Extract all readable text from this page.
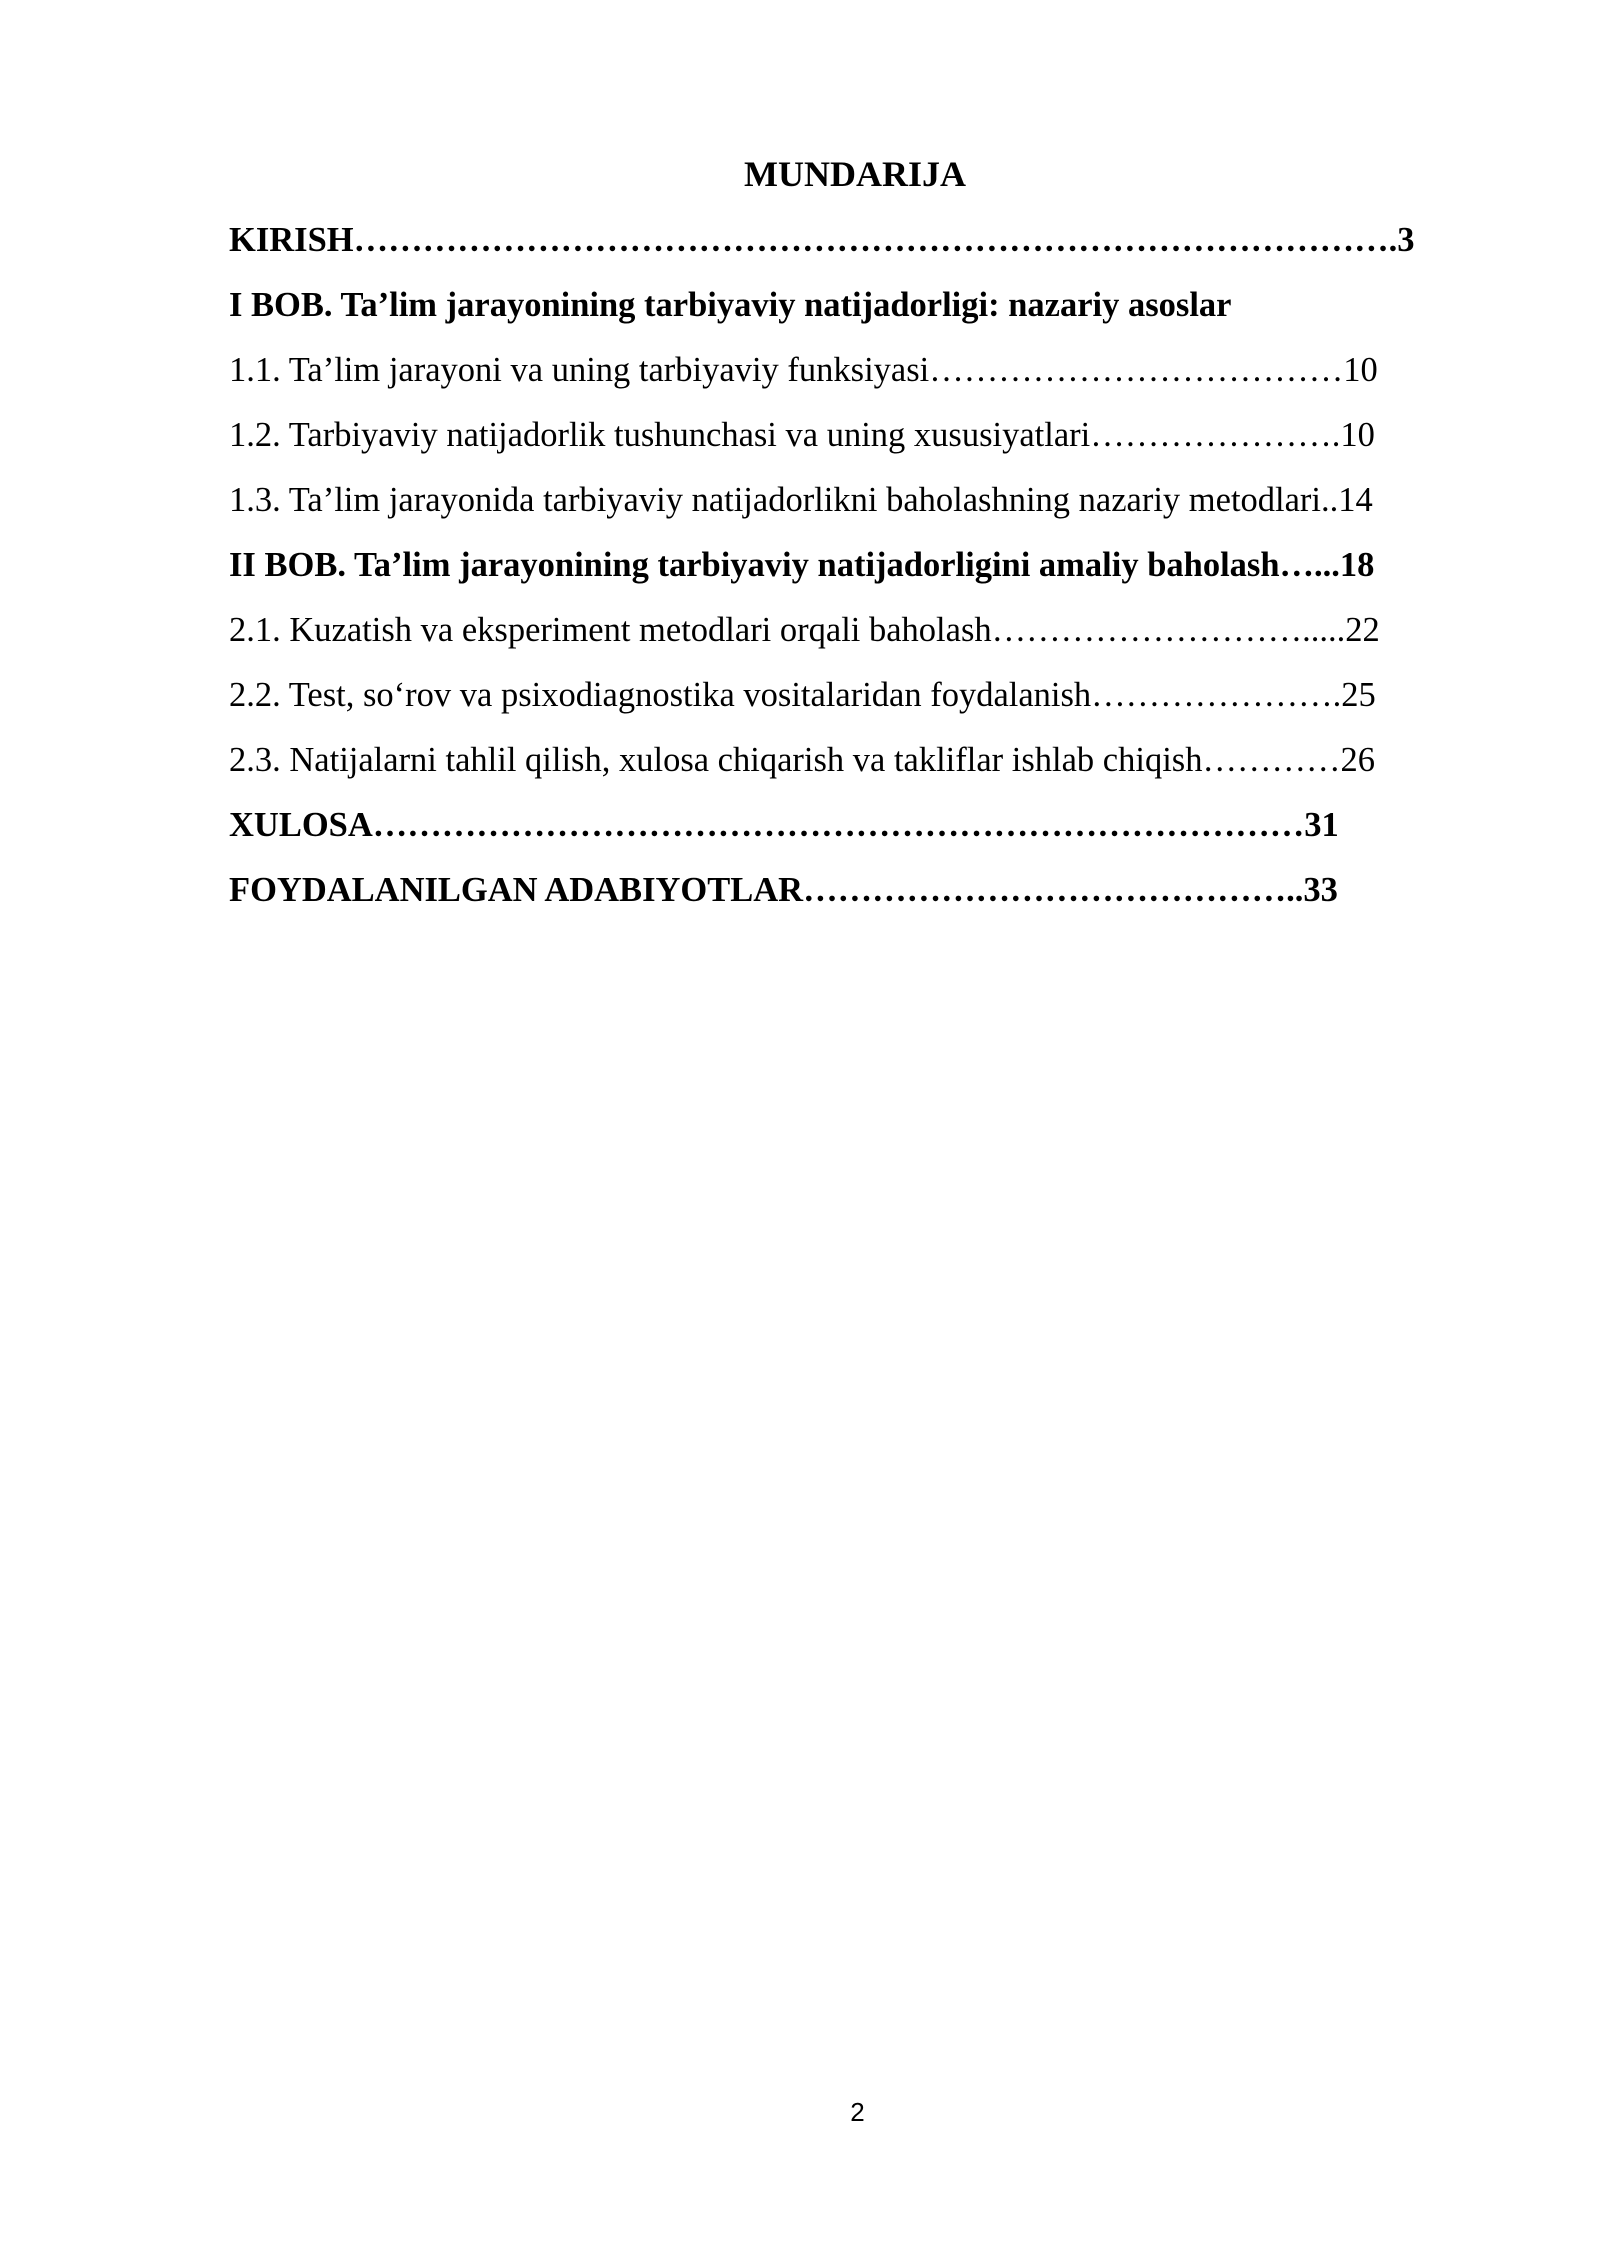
MUNDARIJA
KIRISH……………………………………………………………………………….3
I BOB. Ta’lim jarayonining tarbiyaviy natijadorligi: nazariy asoslar
1.1. Ta’lim jarayoni va uning tarbiyaviy funksiyasi………………………………10
1.2. Tarbiyaviy natijadorlik tushunchasi va uning xususiyatlari………………….10
1.3. Ta’lim jarayonida tarbiyaviy natijadorlikni baholashning nazariy metodlari..14
II BOB. Ta’lim jarayonining tarbiyaviy natijadorligini amaliy baholash…...18
2.1. Kuzatish va eksperiment metodlari orqali baholash……………………….....22
2.2. Test, so‘rov va psixodiagnostika vositalaridan foydalanish………………….25
2.3. Natijalarni tahlil qilish, xulosa chiqarish va takliflar ishlab chiqish…………26
XULOSA………………………………………………………………………31
FOYDALANILGAN ADABIYOTLAR……………………………………..33
2
